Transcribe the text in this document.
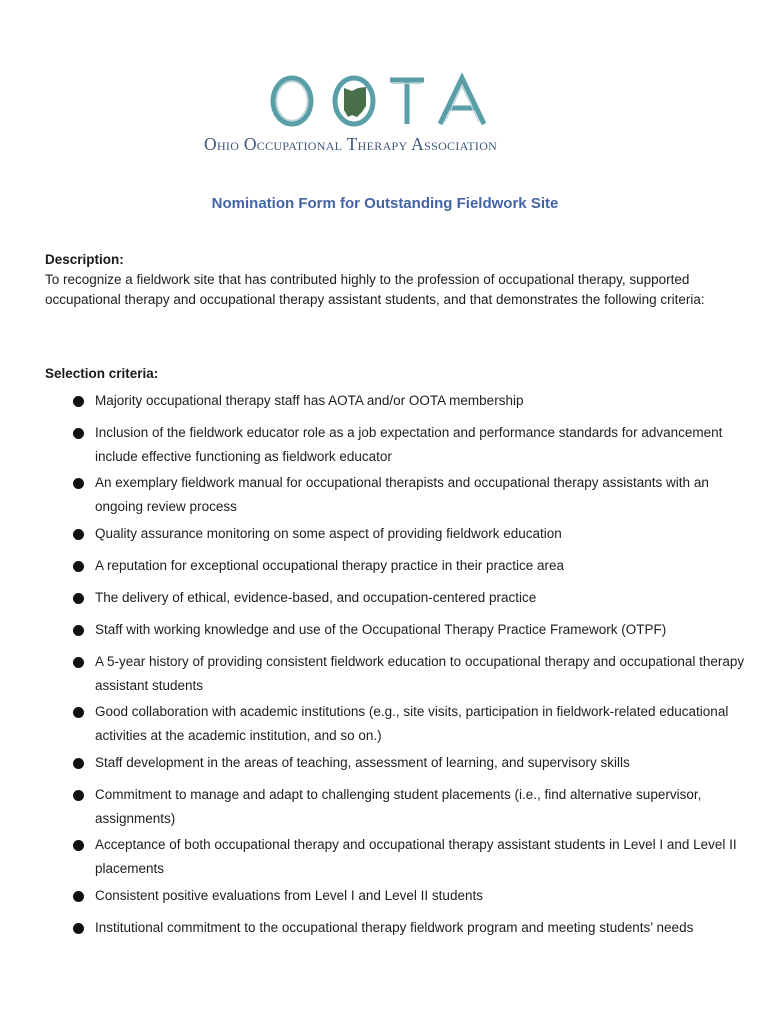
Ohio Occupational Therapy Association
Nomination Form for Outstanding Fieldwork Site
Description:
To recognize a fieldwork site that has contributed highly to the profession of occupational therapy, supported occupational therapy and occupational therapy assistant students, and that demonstrates the following criteria:
Selection criteria:
Majority occupational therapy staff has AOTA and/or OOTA membership
Inclusion of the fieldwork educator role as a job expectation and performance standards for advancement include effective functioning as fieldwork educator
An exemplary fieldwork manual for occupational therapists and occupational therapy assistants with an ongoing review process
Quality assurance monitoring on some aspect of providing fieldwork education
A reputation for exceptional occupational therapy practice in their practice area
The delivery of ethical, evidence-based, and occupation-centered practice
Staff with working knowledge and use of the Occupational Therapy Practice Framework (OTPF)
A 5-year history of providing consistent fieldwork education to occupational therapy and occupational therapy assistant students
Good collaboration with academic institutions (e.g., site visits, participation in fieldwork-related educational activities at the academic institution, and so on.)
Staff development in the areas of teaching, assessment of learning, and supervisory skills
Commitment to manage and adapt to challenging student placements (i.e., find alternative supervisor, assignments)
Acceptance of both occupational therapy and occupational therapy assistant students in Level I and Level II placements
Consistent positive evaluations from Level I and Level II students
Institutional commitment to the occupational therapy fieldwork program and meeting students’ needs
